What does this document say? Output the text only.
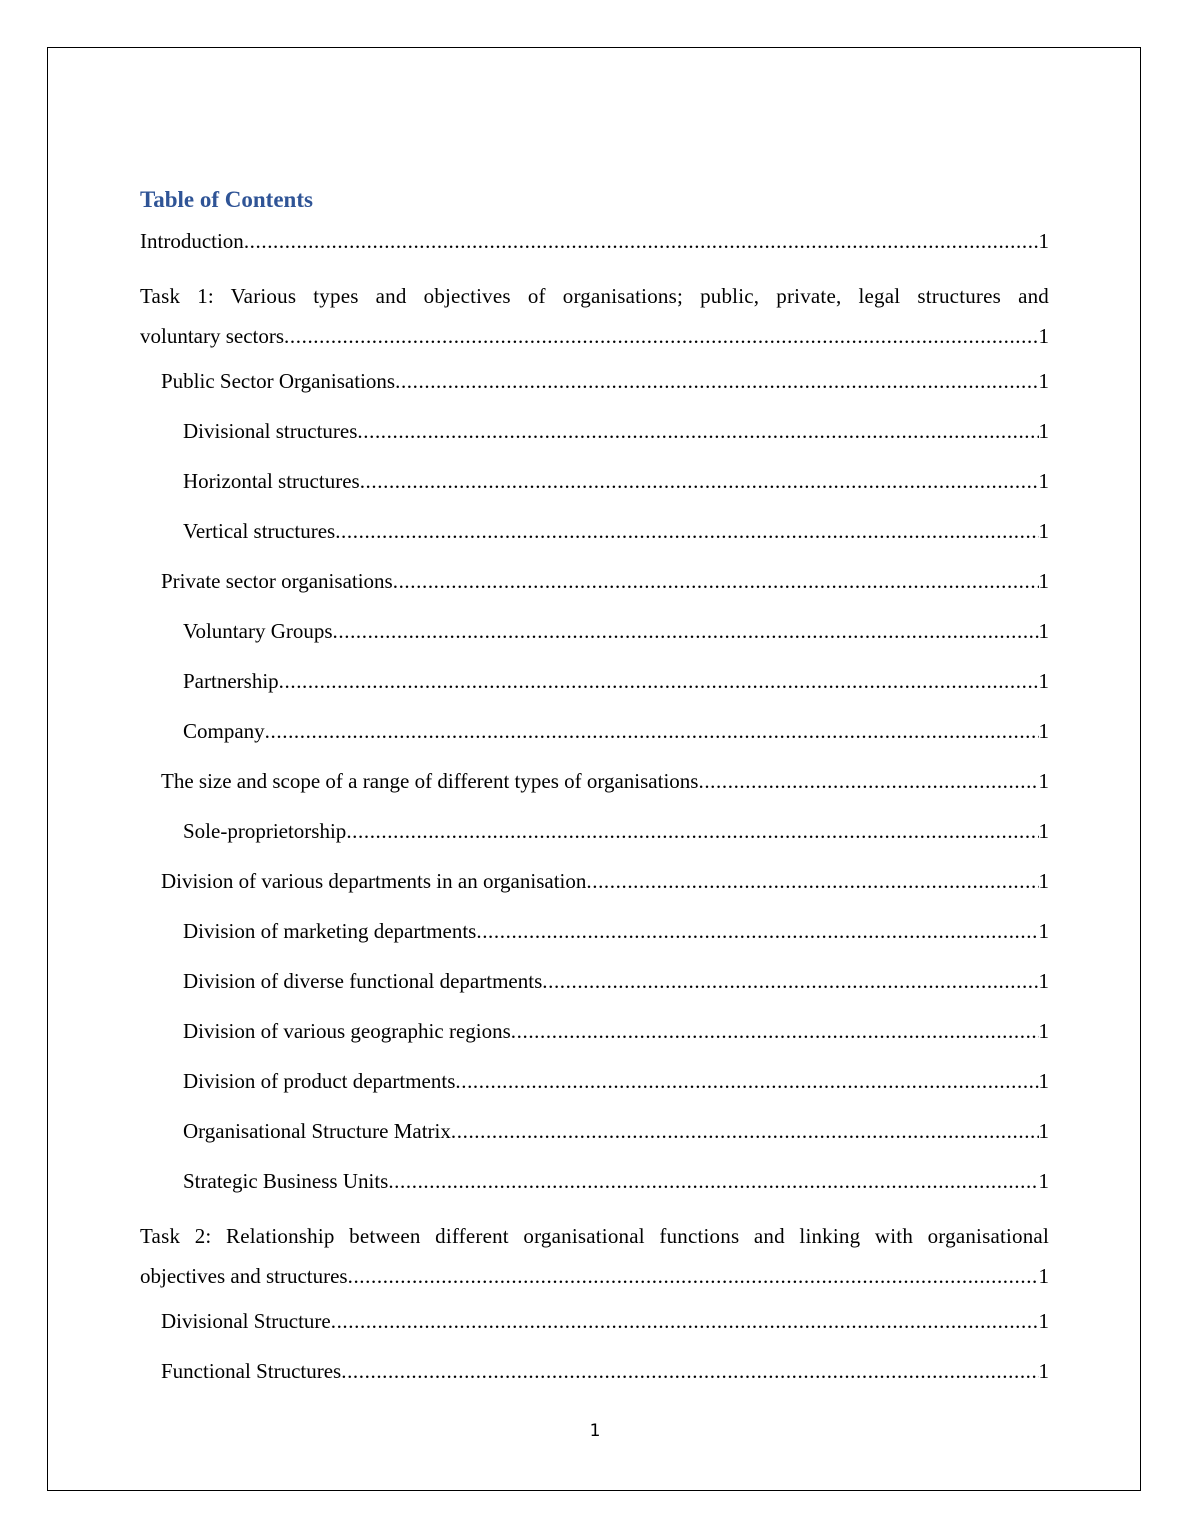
Table of Contents
Introduction .....	1
Task 1: Various types and objectives of organisations; public, private, legal structures and
voluntary sectors .....	1
Public Sector Organisations .....	1
Divisional structures .....	1
Horizontal structures .....	1
Vertical structures .....	1
Private sector organisations .....	1
Voluntary Groups .....	1
Partnership .....	1
Company .....	1
The size and scope of a range of different types of organisations .....	1
Sole-proprietorship .....	1
Division of various departments in an organisation .....	1
Division of marketing departments .....	1
Division of diverse functional departments .....	1
Division of various geographic regions .....	1
Division of product departments .....	1
Organisational Structure Matrix .....	1
Strategic Business Units .....	1
Task 2: Relationship between different organisational functions and linking with organisational
objectives and structures .....	1
Divisional Structure .....	1
Functional Structures .....	1
1
